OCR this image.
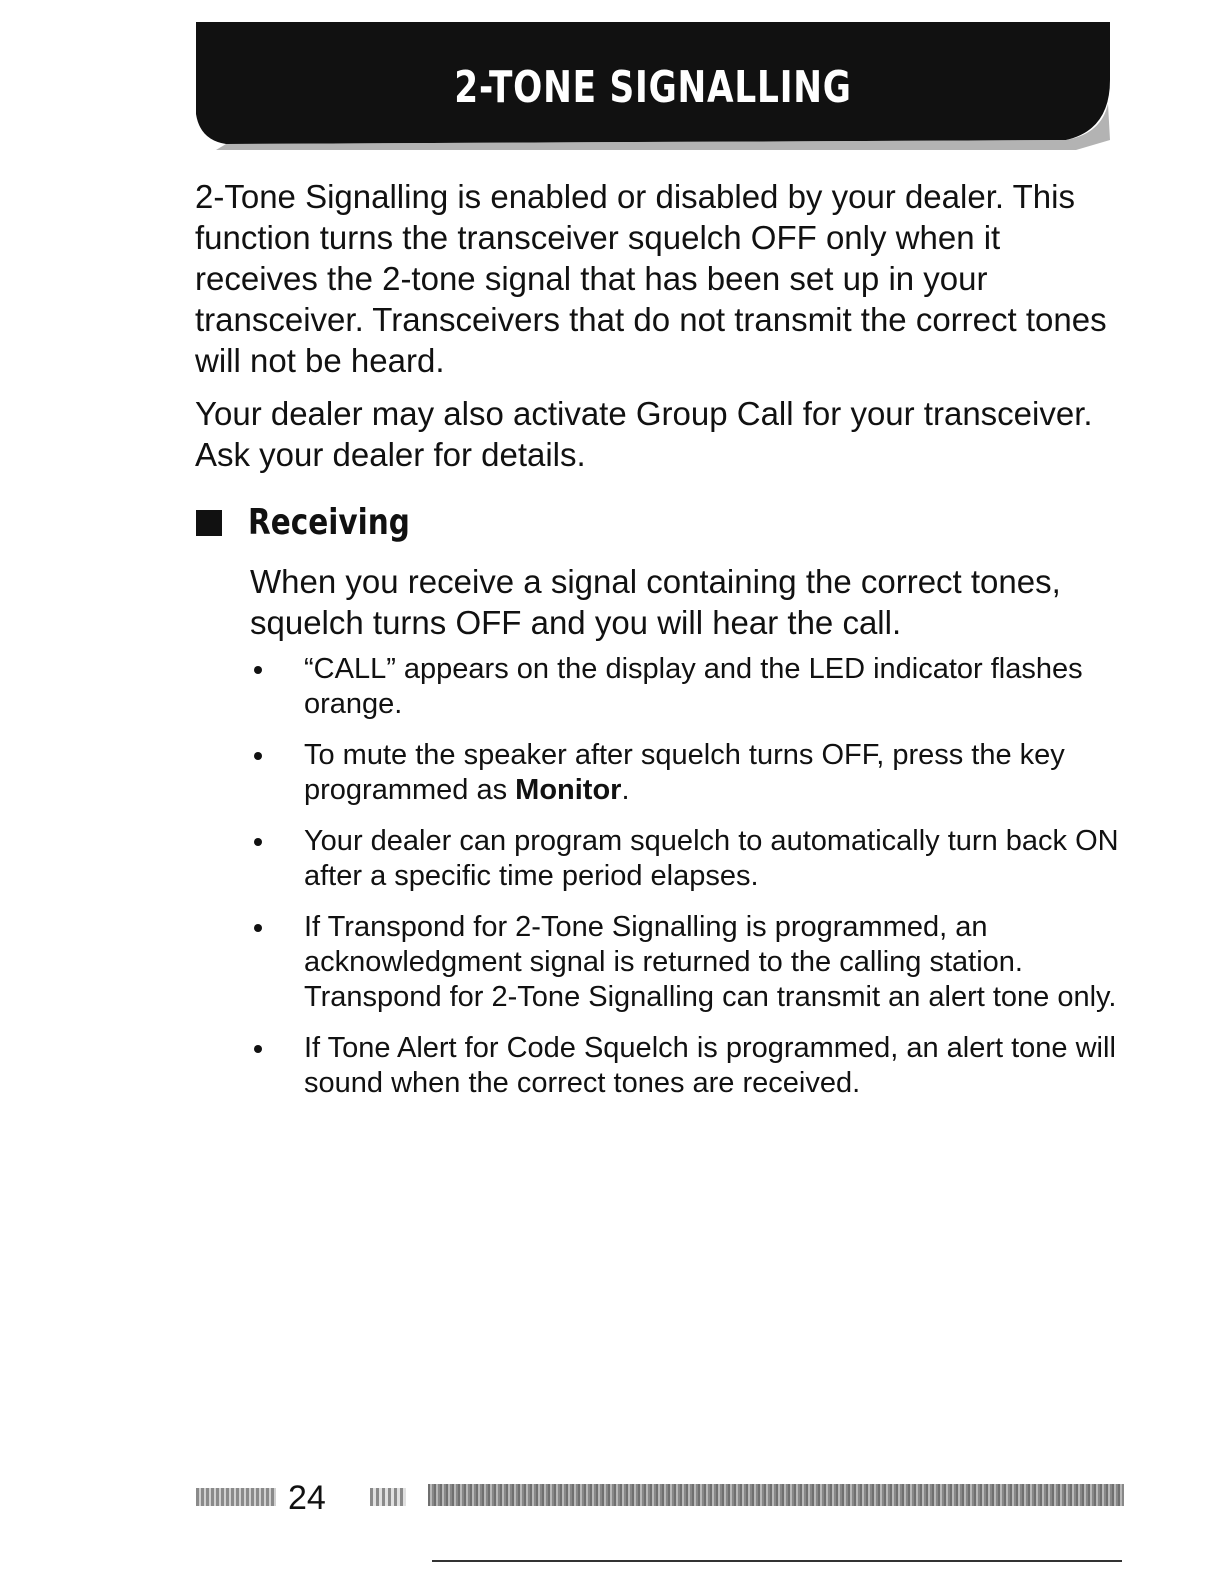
2-TONE SIGNALLING

2-Tone Signalling is enabled or disabled by your dealer. This function turns the transceiver squelch OFF only when it receives the 2-tone signal that has been set up in your transceiver. Transceivers that do not transmit the correct tones will not be heard.

Your dealer may also activate Group Call for your transceiver. Ask your dealer for details.

Receiving

When you receive a signal containing the correct tones, squelch turns OFF and you will hear the call.

“CALL” appears on the display and the LED indicator flashes orange.
To mute the speaker after squelch turns OFF, press the key programmed as Monitor.
Your dealer can program squelch to automatically turn back ON after a specific time period elapses.
If Transpond for 2-Tone Signalling is programmed, an acknowledgment signal is returned to the calling station. Transpond for 2-Tone Signalling can transmit an alert tone only.
If Tone Alert for Code Squelch is programmed, an alert tone will sound when the correct tones are received.
24
